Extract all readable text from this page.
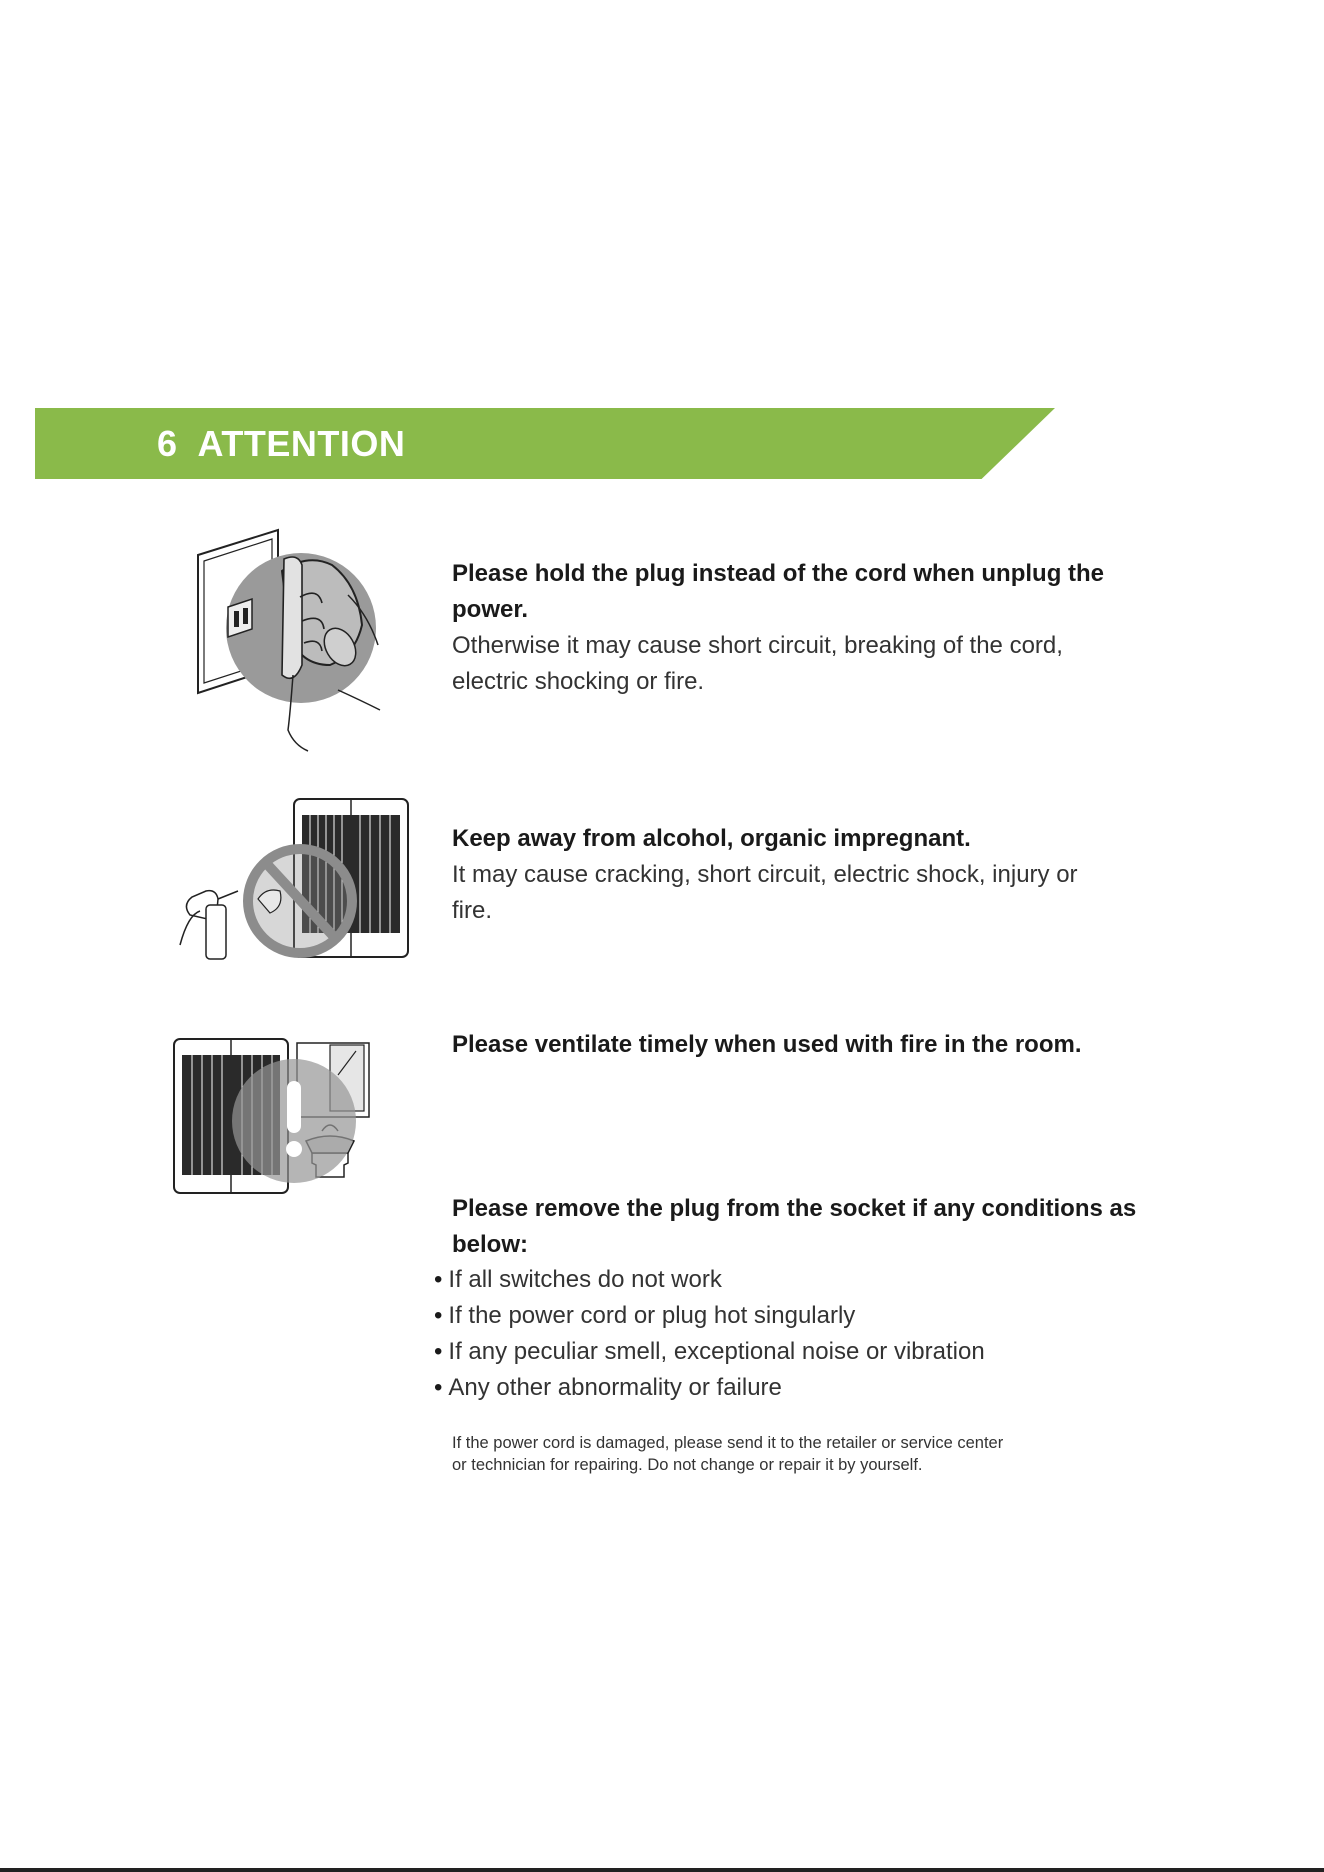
6 ATTENTION
Please hold the plug instead of the cord when unplug the
power.
Otherwise it may cause short circuit, breaking of the cord,
electric shocking or fire.
Keep away from alcohol, organic impregnant.
It may cause cracking, short circuit, electric shock, injury or
fire.
Please ventilate timely when used with fire in the room.
Please remove the plug from the socket if any conditions as
below:
• If all switches do not work
• If the power cord or plug hot singularly
• If any peculiar smell, exceptional noise or vibration
• Any other abnormality or failure
If the power cord is damaged, please send it to the retailer or service center
or technician for repairing. Do not change or repair it by yourself.
